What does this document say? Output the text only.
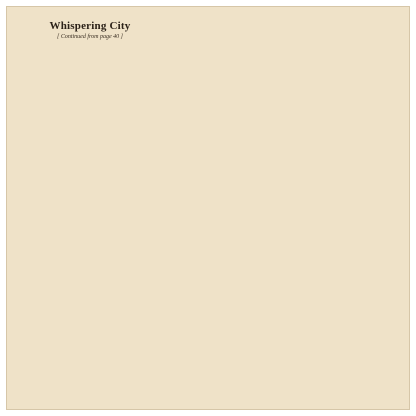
Whispering City

[ Continued from page 40 ]
